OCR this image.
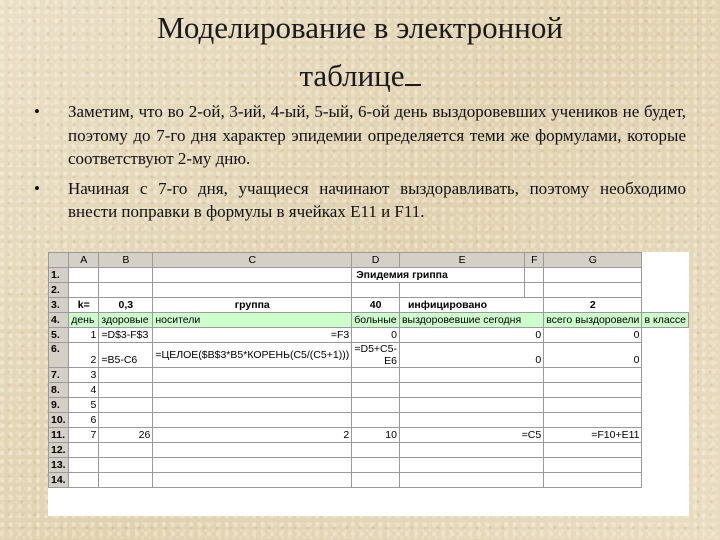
Моделирование в электронной
таблице
• Заметим, что во 2-ой, 3-ий, 4-ый, 5-ый, 6-ой день выздоровевших учеников не будет, поэтому до 7-го дня характер эпидемии определяется теми же формулами, которые соответствуют 2-му дню.
• Начиная с 7-го дня, учащиеся начинают выздоравливать, поэтому необходимо внести поправки в формулы в ячейках E11 и F11.
	A	B	C	D	E	F	G	
1.				Эпидемия гриппа				
2.								
3.	k=	0,3	группа	40	инфицировано		2	
4.	день	здоровые	носители	больные	выздоровевшие сегодня		всего выздоровели	в классе
5.	1	=D$3-F$3	=F3	0	0		0	
6.	2	=B5-C6	=ЦЕЛОЕ($B$3*B5*КОРЕНЬ(C5/(C5+1)))	=D5+C5-E6	0		0	
7.	3							
8.	4							
9.	5							
10.	6							
11.	7	26	2	10	=C5		=F10+E11	
12.								
13.								
14.								
